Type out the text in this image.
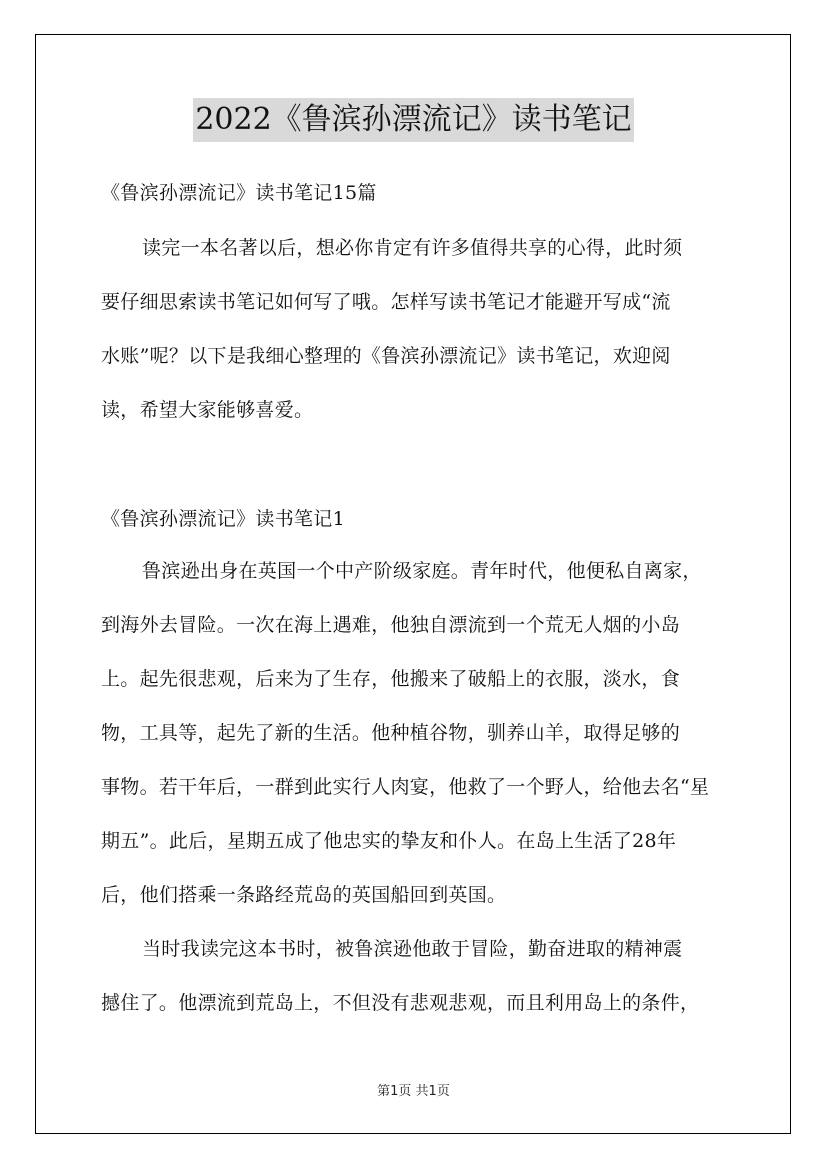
2022《鲁滨孙漂流记》读书笔记
《鲁滨孙漂流记》读书笔记15篇
读完一本名著以后，想必你肯定有许多值得共享的心得，此时须
要仔细思索读书笔记如何写了哦。怎样写读书笔记才能避开写成“流
水账”呢？以下是我细心整理的《鲁滨孙漂流记》读书笔记，欢迎阅
读，希望大家能够喜爱。
《鲁滨孙漂流记》读书笔记1
鲁滨逊出身在英国一个中产阶级家庭。青年时代，他便私自离家，
到海外去冒险。一次在海上遇难，他独自漂流到一个荒无人烟的小岛
上。起先很悲观，后来为了生存，他搬来了破船上的衣服，淡水，食
物，工具等，起先了新的生活。他种植谷物，驯养山羊，取得足够的
事物。若干年后，一群到此实行人肉宴，他救了一个野人，给他去名“星
期五”。此后，星期五成了他忠实的挚友和仆人。在岛上生活了28年
后，他们搭乘一条路经荒岛的英国船回到英国。
当时我读完这本书时，被鲁滨逊他敢于冒险，勤奋进取的精神震
撼住了。他漂流到荒岛上，不但没有悲观悲观，而且利用岛上的条件，
第1页 共1页
